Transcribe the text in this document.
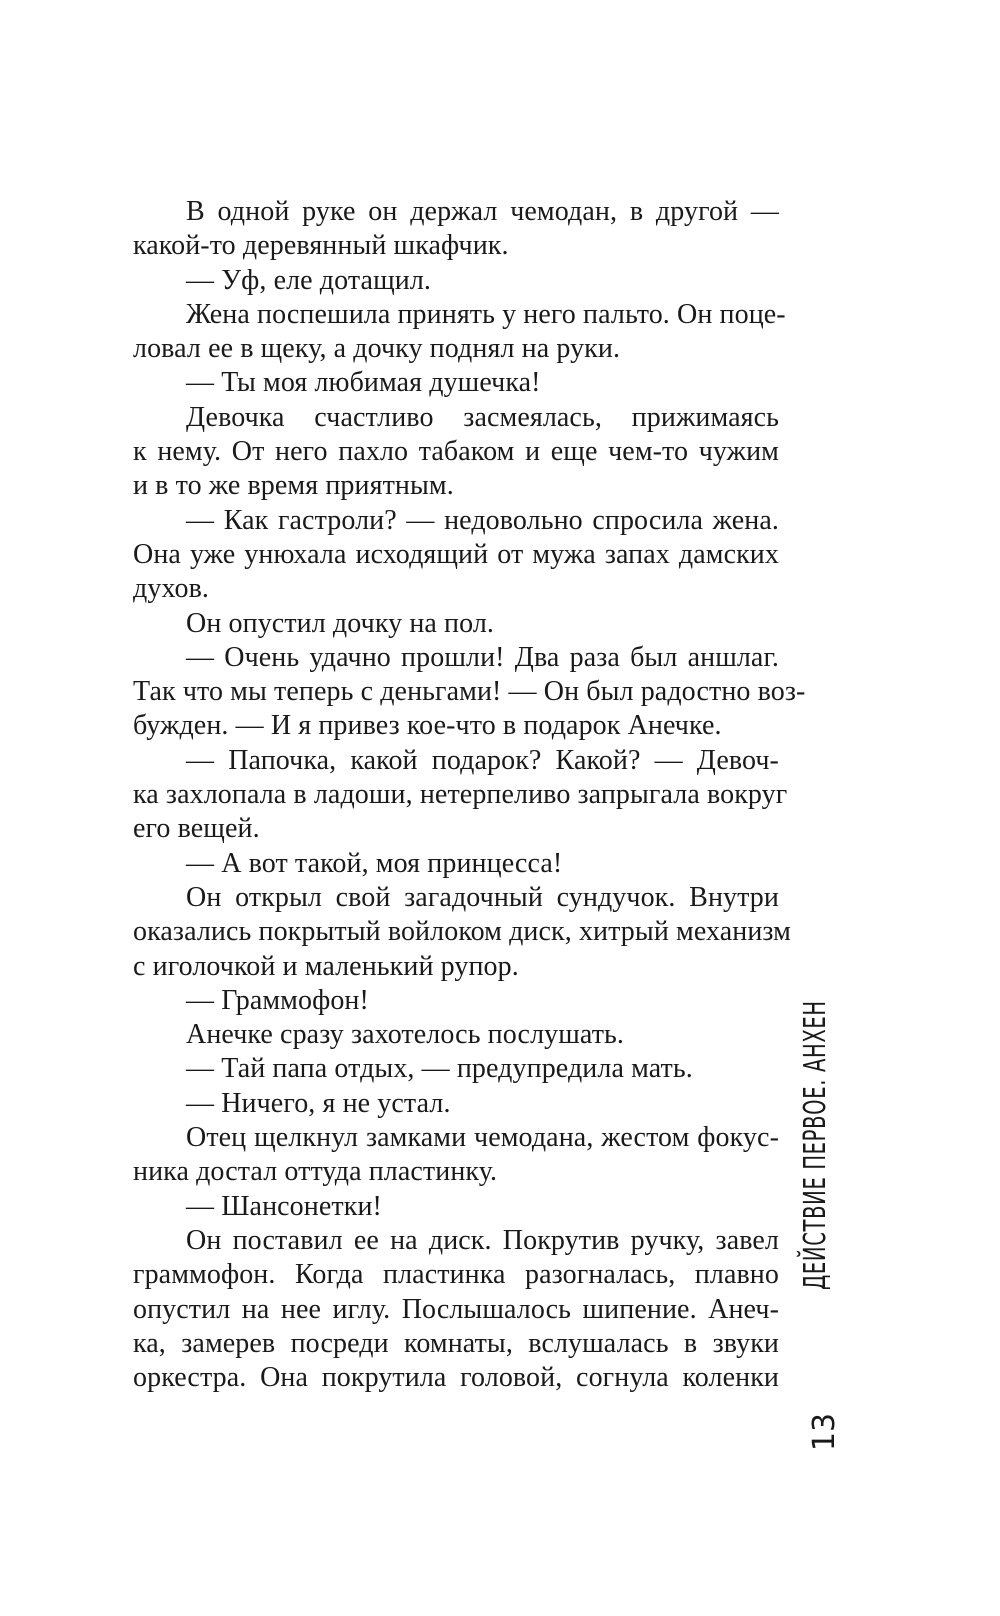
В одной руке он держал чемодан, в другой —
какой-то деревянный шкафчик.
— Уф, еле дотащил.
Жена поспешила принять у него пальто. Он поце-
ловал ее в щеку, а дочку поднял на руки.
— Ты моя любимая душечка!
Девочка счастливо засмеялась, прижимаясь
к нему. От него пахло табаком и еще чем-то чужим
и в то же время приятным.
— Как гастроли? — недовольно спросила жена.
Она уже унюхала исходящий от мужа запах дамских
духов.
Он опустил дочку на пол.
— Очень удачно прошли! Два раза был аншлаг.
Так что мы теперь с деньгами! — Он был радостно воз-
бужден. — И я привез кое-что в подарок Анечке.
— Папочка, какой подарок? Какой? — Девоч-
ка захлопала в ладоши, нетерпеливо запрыгала вокруг
его вещей.
— А вот такой, моя принцесса!
Он открыл свой загадочный сундучок. Внутри
оказались покрытый войлоком диск, хитрый механизм
с иголочкой и маленький рупор.
— Граммофон!
Анечке сразу захотелось послушать.
— Тай папа отдых, — предупредила мать.
— Ничего, я не устал.
Отец щелкнул замками чемодана, жестом фокус-
ника достал оттуда пластинку.
— Шансонетки!
Он поставил ее на диск. Покрутив ручку, завел
граммофон. Когда пластинка разогналась, плавно
опустил на нее иглу. Послышалось шипение. Анеч-
ка, замерев посреди комнаты, вслушалась в звуки
оркестра. Она покрутила головой, согнула коленки
ДЕЙСТВИЕ ПЕРВОЕ. АНХЕН
13
